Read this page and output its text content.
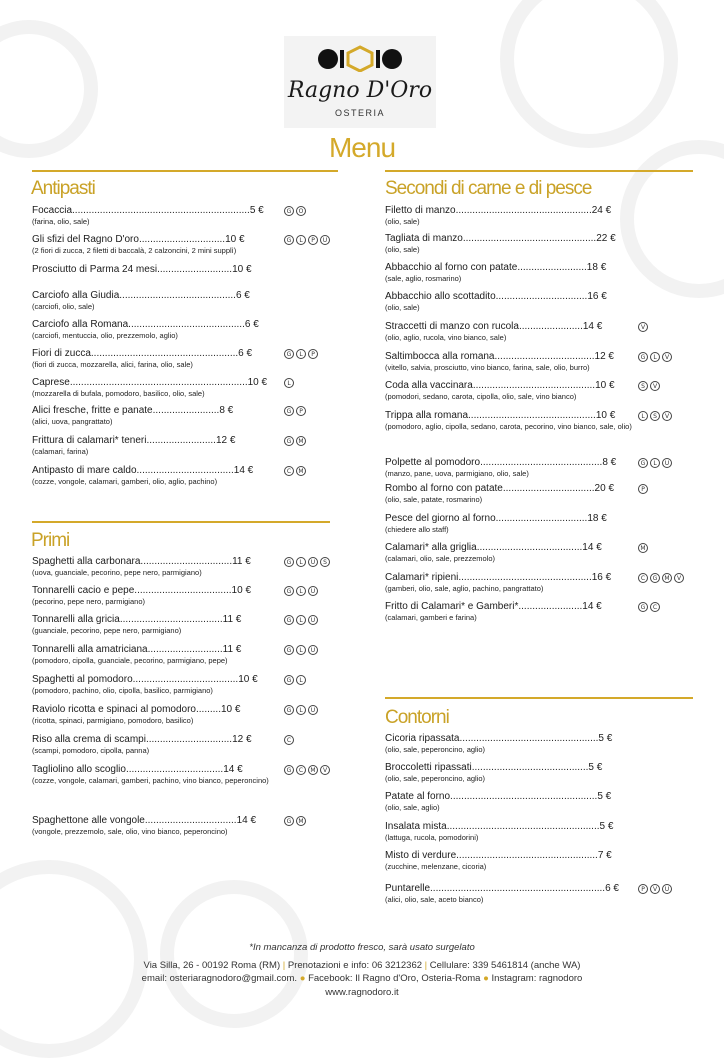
Ragno D'Oro
OSTERIA
Menu
Antipasti	Secondi di carne e di pesce
Primi
Contorni
Focaccia................................................................5 €
(farina, olio, sale)
G	O
Gli sfizi del Ragno D'oro...............................10 €
(2 fiori di zucca, 2 filetti di baccalà, 2 calzoncini, 2 mini supplì)
G	L	P	U
Prosciutto di Parma 24 mesi...........................10 €
Carciofo alla Giudia..........................................6 €
(carciofi, olio, sale)
Carciofo alla Romana..........................................6 €
(carciofi, mentuccia, olio, prezzemolo, aglio)
Fiori di zucca.....................................................6 €
(fiori di zucca, mozzarella, alici, farina, olio, sale)
G	L	P
Caprese................................................................10 €
(mozzarella di bufala, pomodoro, basilico, olio, sale)
L
Alici fresche, fritte e panate........................8 €
(alici, uova, pangrattato)
G	P
Frittura di calamari* teneri.........................12 €
(calamari, farina)
G	M
Antipasto di mare caldo...................................14 €
(cozze, vongole, calamari, gamberi, olio, aglio, pachino)
C	M
Spaghetti alla carbonara.................................11 €
(uova, guanciale, pecorino, pepe nero, parmigiano)
G	L	U	S
Tonnarelli cacio e pepe...................................10 €
(pecorino, pepe nero, parmigiano)
G	L	U
Tonnarelli alla gricia.....................................11 €
(guanciale, pecorino, pepe nero, parmigiano)
G	L	U
Tonnarelli alla amatriciana...........................11 €
(pomodoro, cipolla, guanciale, pecorino, parmigiano, pepe)
G	L	U
Spaghetti al pomodoro......................................10 €
(pomodoro, pachino, olio, cipolla, basilico, parmigiano)
G	L
Raviolo ricotta e spinaci al pomodoro.........10 €
(ricotta, spinaci, parmigiano, pomodoro, basilico)
G	L	U
Riso alla crema di scampi...............................12 €
(scampi, pomodoro, cipolla, panna)
C
Tagliolino allo scoglio...................................14 €
(cozze, vongole, calamari, gamberi, pachino, vino bianco, peperoncino)
G	C	M	V
Spaghettone alle vongole.................................14 €
(vongole, prezzemolo, sale, olio, vino bianco, peperoncino)
G	M
Filetto di manzo.................................................24 €
(olio, sale)
Tagliata di manzo................................................22 €
(olio, sale)
Abbacchio al forno con patate.........................18 €
(sale, aglio, rosmarino)
Abbacchio allo scottadito.................................16 €
(olio, sale)
Straccetti di manzo con rucola.......................14 €
(olio, aglio, rucola, vino bianco, sale)
V
Saltimbocca alla romana....................................12 €
(vitello, salvia, prosciutto, vino bianco, farina, sale, olio, burro)
G	L	V
Coda alla vaccinara............................................10 €
(pomodori, sedano, carota, cipolla, olio, sale, vino bianco)
S	V
Trippa alla romana..............................................10 €
(pomodoro, aglio, cipolla, sedano, carota, pecorino, vino bianco, sale, olio)
L	S	V
Polpette al pomodoro............................................8 €
(manzo, pane, uova, parmigiano, olio, sale)
G	L	U
Rombo al forno con patate.................................20 €
(olio, sale, patate, rosmarino)
P
Pesce del giorno al forno.................................18 €
(chiedere allo staff)
Calamari* alla griglia......................................14 €
(calamari, olio, sale, prezzemolo)
M
Calamari* ripieni................................................16 €
(gamberi, olio, sale, aglio, pachino, pangrattato)
C	G	M	V
Fritto di Calamari* e Gamberi*.......................14 €
(calamari, gamberi e farina)
G	C
Cicoria ripassata..................................................5 €
(olio, sale, peperoncino, aglio)
Broccoletti ripassati..........................................5 €
(olio, sale, peperoncino, aglio)
Patate al forno.....................................................5 €
(olio, sale, aglio)
Insalata mista.......................................................5 €
(lattuga, rucola, pomodorini)
Misto di verdure...................................................7 €
(zucchine, melenzane, cicoria)
Puntarelle...............................................................6 €
(alici, olio, sale, aceto bianco)
P	V	U
*In mancanza di prodotto fresco, sarà usato surgelato
Via Silla, 26 - 00192 Roma (RM) | Prenotazioni e info: 06 3212362 | Cellulare: 339 5461814 (anche WA)
email: osteriaragnodoro@gmail.com. ● Facebook: Il Ragno d'Oro, Osteria-Roma ● Instagram: ragnodoro
www.ragnodoro.it
